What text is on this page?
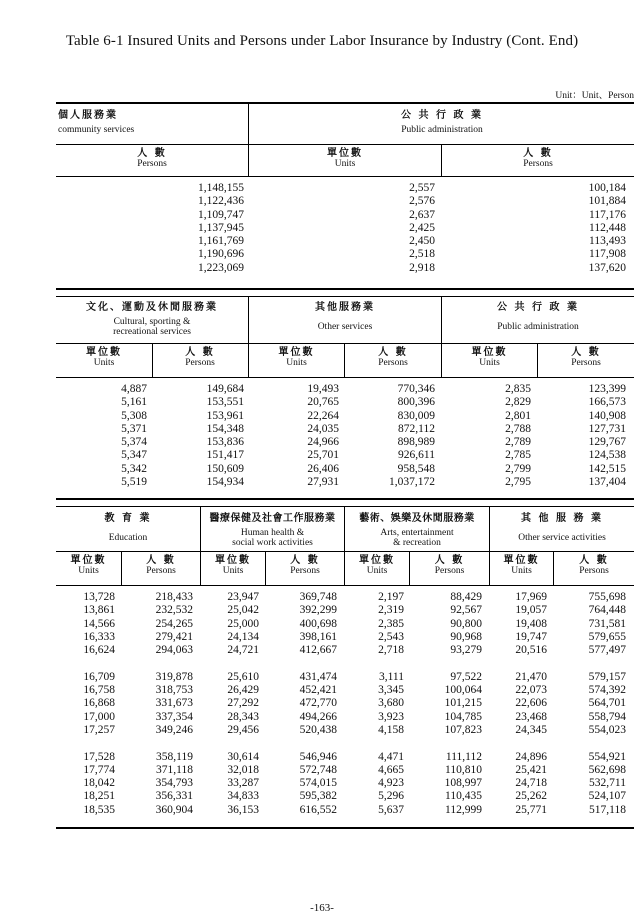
Table 6-1 Insured Units and Persons under Labor Insurance by Industry (Cont. End)
Unit：Unit、Person
個人服務業
community services
公 共 行 政 業
Public administration
人 數
Persons
單位數
Units
人 數
Persons
1,148,155
1,122,436
1,109,747
1,137,945
1,161,769
1,190,696
1,223,069
2,557
2,576
2,637
2,425
2,450
2,518
2,918
100,184
101,884
117,176
112,448
113,493
117,908
137,620
文化、運動及休閒服務業
Cultural, sporting &
recreational services
其他服務業
Other services
公 共 行 政 業
Public administration
單位數
Units
人 數
Persons
單位數
Units
人 數
Persons
單位數
Units
人 數
Persons
4,887
5,161
5,308
5,371
5,374
5,347
5,342
5,519
149,684
153,551
153,961
154,348
153,836
151,417
150,609
154,934
19,493
20,765
22,264
24,035
24,966
25,701
26,406
27,931
770,346
800,396
830,009
872,112
898,989
926,611
958,548
1,037,172
2,835
2,829
2,801
2,788
2,789
2,785
2,799
2,795
123,399
166,573
140,908
127,731
129,767
124,538
142,515
137,404
教 育 業
Education
醫療保健及社會工作服務業
Human health &
social work activities
藝術、娛樂及休閒服務業
Arts, entertainment
& recreation
其 他 服 務 業
Other service activities
單位數
Units
人 數
Persons
單位數
Units
人 數
Persons
單位數
Units
人 數
Persons
單位數
Units
人 數
Persons
13,728
13,861
14,566
16,333
16,624

16,709
16,758
16,868
17,000
17,257

17,528
17,774
18,042
18,251
18,535
218,433
232,532
254,265
279,421
294,063

319,878
318,753
331,673
337,354
349,246

358,119
371,118
354,793
356,331
360,904
23,947
25,042
25,000
24,134
24,721

25,610
26,429
27,292
28,343
29,456

30,614
32,018
33,287
34,833
36,153
369,748
392,299
400,698
398,161
412,667

431,474
452,421
472,770
494,266
520,438

546,946
572,748
574,015
595,382
616,552
2,197
2,319
2,385
2,543
2,718

3,111
3,345
3,680
3,923
4,158

4,471
4,665
4,923
5,296
5,637
88,429
92,567
90,800
90,968
93,279

97,522
100,064
101,215
104,785
107,823

111,112
110,810
108,997
110,435
112,999
17,969
19,057
19,408
19,747
20,516

21,470
22,073
22,606
23,468
24,345

24,896
25,421
24,718
25,262
25,771
755,698
764,448
731,581
579,655
577,497

579,157
574,392
564,701
558,794
554,023

554,921
562,698
532,711
524,107
517,118
-163-
